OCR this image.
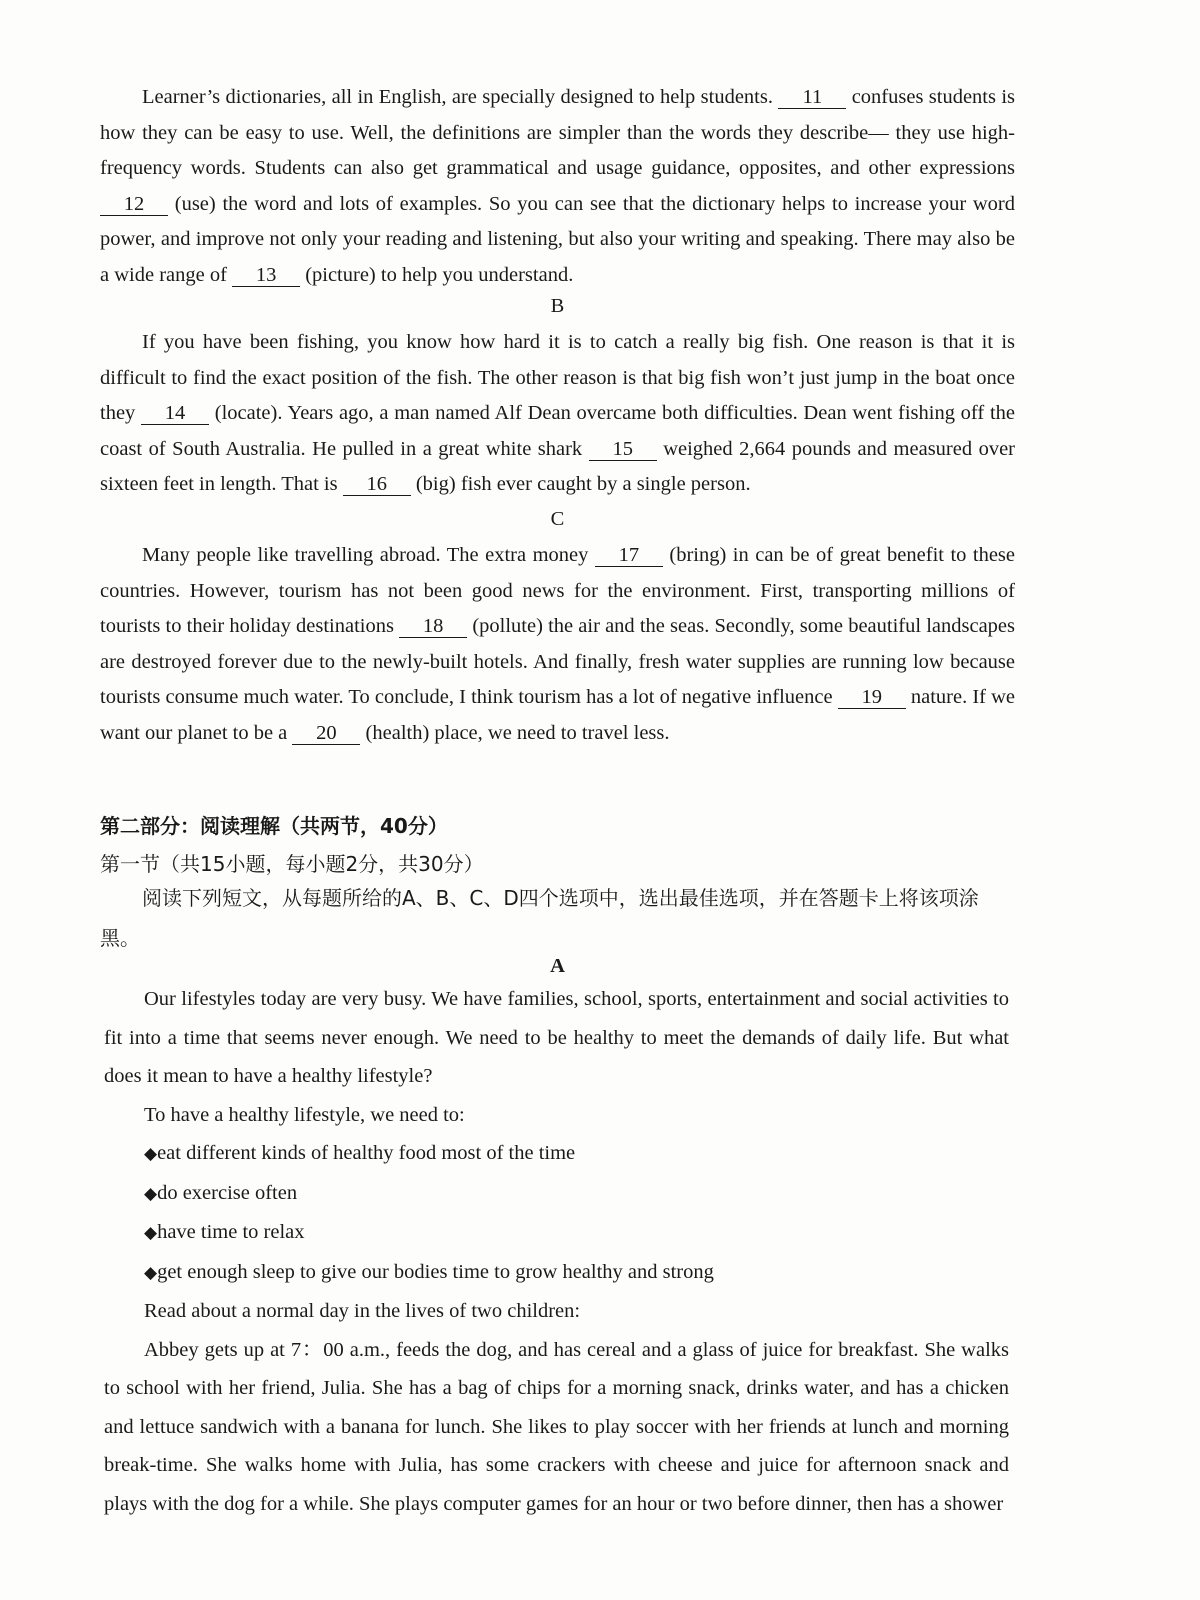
Learner’s dictionaries, all in English, are specially designed to help students. 11 confuses students is how they can be easy to use. Well, the definitions are simpler than the words they describe— they use high-frequency words. Students can also get grammatical and usage guidance, opposites, and other expressions 12 (use) the word and lots of examples. So you can see that the dictionary helps to increase your word power, and improve not only your reading and listening, but also your writing and speaking. There may also be a wide range of 13 (picture) to help you understand.

B

If you have been fishing, you know how hard it is to catch a really big fish. One reason is that it is difficult to find the exact position of the fish. The other reason is that big fish won’t just jump in the boat once they 14 (locate). Years ago, a man named Alf Dean overcame both difficulties. Dean went fishing off the coast of South Australia. He pulled in a great white shark 15 weighed 2,664 pounds and measured over sixteen feet in length. That is 16 (big) fish ever caught by a single person.

C

Many people like travelling abroad. The extra money 17 (bring) in can be of great benefit to these countries. However, tourism has not been good news for the environment. First, transporting millions of tourists to their holiday destinations 18 (pollute) the air and the seas. Secondly, some beautiful landscapes are destroyed forever due to the newly-built hotels. And finally, fresh water supplies are running low because tourists consume much water. To conclude, I think tourism has a lot of negative influence 19 nature. If we want our planet to be a 20 (health) place, we need to travel less.

第二部分：阅读理解（共两节，40分）

第一节（共15小题，每小题2分，共30分）

阅读下列短文，从每题所给的A、B、C、D四个选项中，选出最佳选项，并在答题卡上将该项涂黑。

A

Our lifestyles today are very busy. We have families, school, sports, entertainment and social activities to fit into a time that seems never enough. We need to be healthy to meet the demands of daily life. But what does it mean to have a healthy lifestyle?

To have a healthy lifestyle, we need to:

◆eat different kinds of healthy food most of the time
◆do exercise often
◆have time to relax
◆get enough sleep to give our bodies time to grow healthy and strong

Read about a normal day in the lives of two children:

Abbey gets up at 7：00 a.m., feeds the dog, and has cereal and a glass of juice for breakfast. She walks to school with her friend, Julia. She has a bag of chips for a morning snack, drinks water, and has a chicken and lettuce sandwich with a banana for lunch. She likes to play soccer with her friends at lunch and morning break-time. She walks home with Julia, has some crackers with cheese and juice for afternoon snack and plays with the dog for a while. She plays computer games for an hour or two before dinner, then has a shower
